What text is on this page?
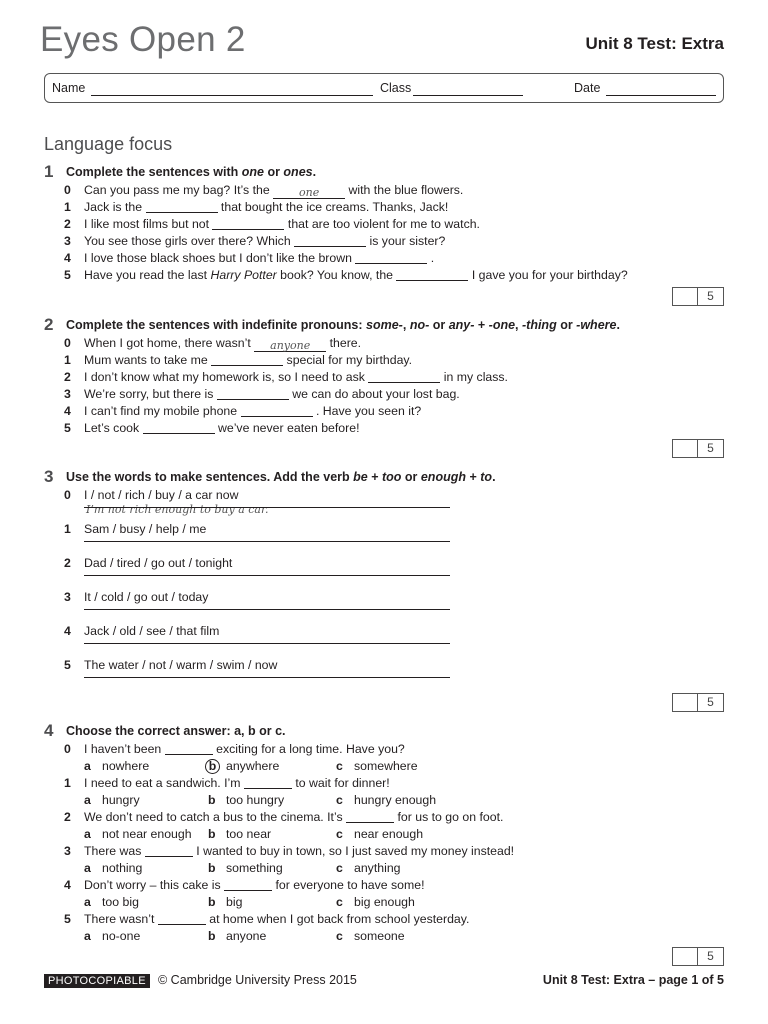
Eyes Open 2	Unit 8 Test: Extra
Name	Class	Date
Language focus
1 Complete the sentences with one or ones.
0 Can you pass me my bag? It’s the one with the blue flowers.
1 Jack is the	that bought the ice creams. Thanks, Jack!
2 I like most films but not	that are too violent for me to watch.
3 You see those girls over there? Which	is your sister?
4 I love those black shoes but I don’t like the brown	.
5 Have you read the last Harry Potter book? You know, the	I gave you for your birthday?
5
2 Complete the sentences with indefinite pronouns: some-, no- or any- + -one, -thing or -where.
0 When I got home, there wasn’t anyone there.
1 Mum wants to take me	special for my birthday.
2 I don’t know what my homework is, so I need to ask	in my class.
3 We’re sorry, but there is	we can do about your lost bag.
4 I can’t find my mobile phone	. Have you seen it?
5 Let’s cook	we’ve never eaten before!
5
3 Use the words to make sentences. Add the verb be + too or enough + to.
0 I / not / rich / buy / a car now
I’m not rich enough to buy a car.
1 Sam / busy / help / me
2 Dad / tired / go out / tonight
3 It / cold / go out / today
4 Jack / old / see / that film
5 The water / not / warm / swim / now
5
4 Choose the correct answer: a, b or c.
0 I haven’t been	exciting for a long time. Have you?
a nowhere	b anywhere	c somewhere
1 I need to eat a sandwich. I’m	to wait for dinner!
a hungry	b too hungry	c hungry enough
2 We don’t need to catch a bus to the cinema. It’s	for us to go on foot.
a not near enough b too near	c near enough
3 There was	I wanted to buy in town, so I just saved my money instead!
a nothing	b something	c anything
4 Don’t worry – this cake is	for everyone to have some!
a too big	b big	c big enough
5 There wasn’t	at home when I got back from school yesterday.
a no-one	b anyone	c someone
5
PHOTOCOPIABLE © Cambridge University Press 2015	Unit 8 Test: Extra – page 1 of 5
